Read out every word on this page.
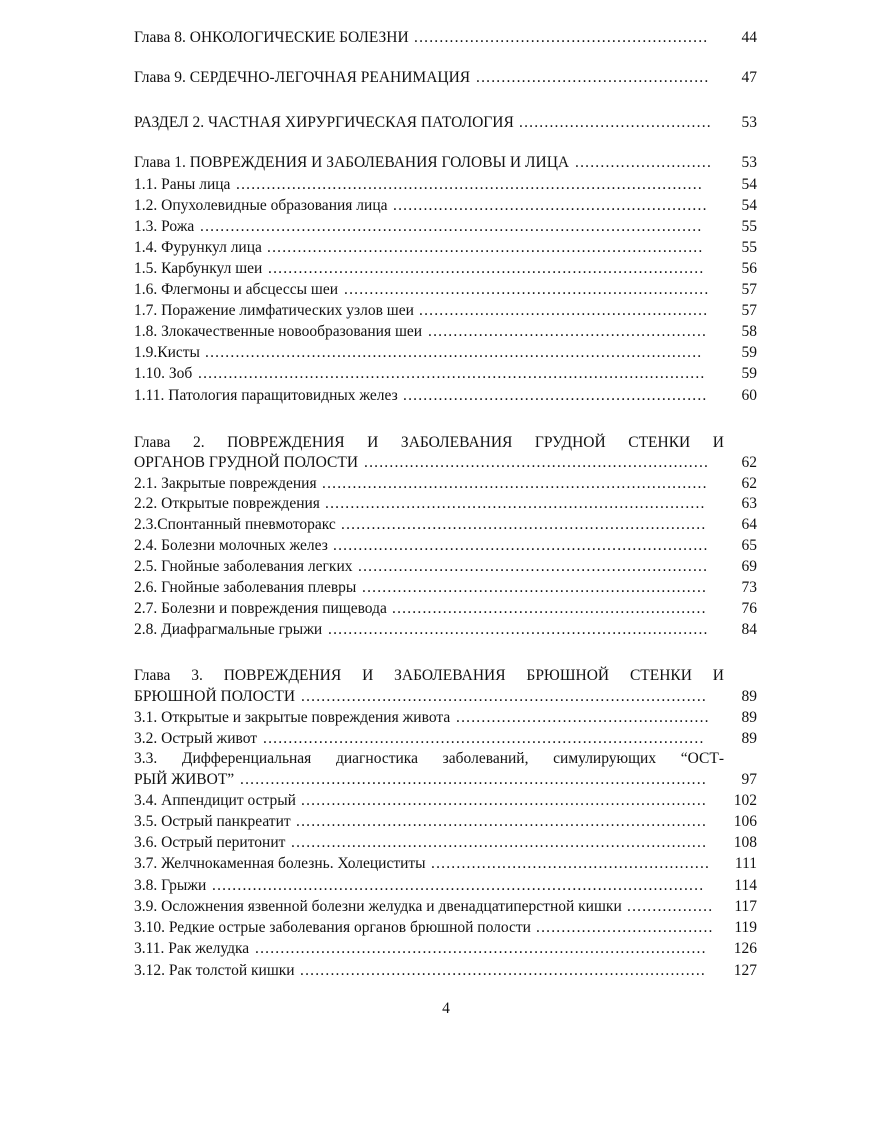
Глава 8. ОНКОЛОГИЧЕСКИЕ БОЛЕЗНИ ..........................................................	44
Глава 9. СЕРДЕЧНО-ЛЕГОЧНАЯ РЕАНИМАЦИЯ ..............................................	47
РАЗДЕЛ 2. ЧАСТНАЯ ХИРУРГИЧЕСКАЯ ПАТОЛОГИЯ ......................................	53
Глава 1. ПОВРЕЖДЕНИЯ И ЗАБОЛЕВАНИЯ ГОЛОВЫ И ЛИЦА ...........................	53
1.1. Раны лица ............................................................................................	54
1.2. Опухолевидные образования лица ..............................................................	54
1.3. Рожа ...................................................................................................	55
1.4. Фурункул лица ......................................................................................	55
1.5. Карбункул шеи ......................................................................................	56
1.6. Флегмоны и абсцессы шеи ........................................................................	57
1.7. Поражение лимфатических узлов шеи .........................................................	57
1.8. Злокачественные новообразования шеи .......................................................	58
1.9.Кисты ..................................................................................................	59
1.10. Зоб ....................................................................................................	59
1.11. Патология паращитовидных желез ............................................................	60
Глава 2. ПОВРЕЖДЕНИЯ И ЗАБОЛЕВАНИЯ ГРУДНОЙ СТЕНКИ И
ОРГАНОВ ГРУДНОЙ ПОЛОСТИ ....................................................................	62
2.1. Закрытые повреждения ............................................................................	62
2.2. Открытые повреждения ...........................................................................	63
2.3.Спонтанный пневмоторакс ........................................................................	64
2.4. Болезни молочных желез ..........................................................................	65
2.5. Гнойные заболевания легких .....................................................................	69
2.6. Гнойные заболевания плевры ....................................................................	73
2.7. Болезни и повреждения пищевода ..............................................................	76
2.8. Диафрагмальные грыжи ...........................................................................	84
Глава 3. ПОВРЕЖДЕНИЯ И ЗАБОЛЕВАНИЯ БРЮШНОЙ СТЕНКИ И
БРЮШНОЙ ПОЛОСТИ ................................................................................	89
3.1. Открытые и закрытые повреждения живота ..................................................	89
3.2. Острый живот .......................................................................................	89
3.3. Дифференциальная диагностика заболеваний, симулирующих “ОСТ-
РЫЙ ЖИВОТ” ............................................................................................	97
3.4. Аппендицит острый ................................................................................	102
3.5. Острый панкреатит .................................................................................	106
3.6. Острый перитонит ..................................................................................	108
3.7. Желчнокаменная болезнь. Холециститы .......................................................	111
3.8. Грыжи .................................................................................................	114
3.9. Осложнения язвенной болезни желудка и двенадцатиперстной кишки .................	117
3.10. Редкие острые заболевания органов брюшной полости ...................................	119
3.11. Рак желудка .........................................................................................	126
3.12. Рак толстой кишки ................................................................................	127
4
